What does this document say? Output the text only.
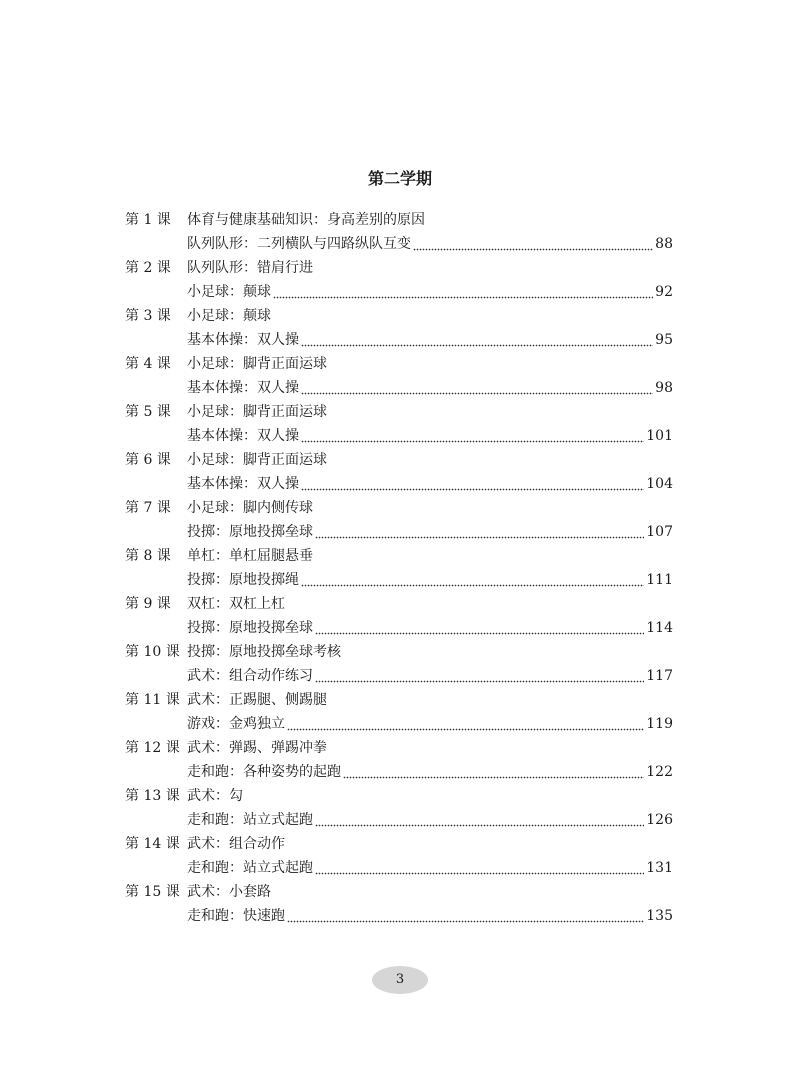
第二学期
第 1 课	体育与健康基础知识：身高差别的原因
队列队形：二列横队与四路纵队互变	88
第 2 课	队列队形：错肩行进
小足球：颠球	92
第 3 课	小足球：颠球
基本体操：双人操	95
第 4 课	小足球：脚背正面运球
基本体操：双人操	98
第 5 课	小足球：脚背正面运球
基本体操：双人操	101
第 6 课	小足球：脚背正面运球
基本体操：双人操	104
第 7 课	小足球：脚内侧传球
投掷：原地投掷垒球	107
第 8 课	单杠：单杠屈腿悬垂
投掷：原地投掷绳	111
第 9 课	双杠：双杠上杠
投掷：原地投掷垒球	114
第 10 课 投掷：原地投掷垒球考核
武术：组合动作练习	117
第 11 课 武术：正踢腿、侧踢腿
游戏：金鸡独立	119
第 12 课 武术：弹踢、弹踢冲拳
走和跑：各种姿势的起跑	122
第 13 课 武术：勾
走和跑：站立式起跑	126
第 14 课 武术：组合动作
走和跑：站立式起跑	131
第 15 课 武术：小套路
走和跑：快速跑	135
3
